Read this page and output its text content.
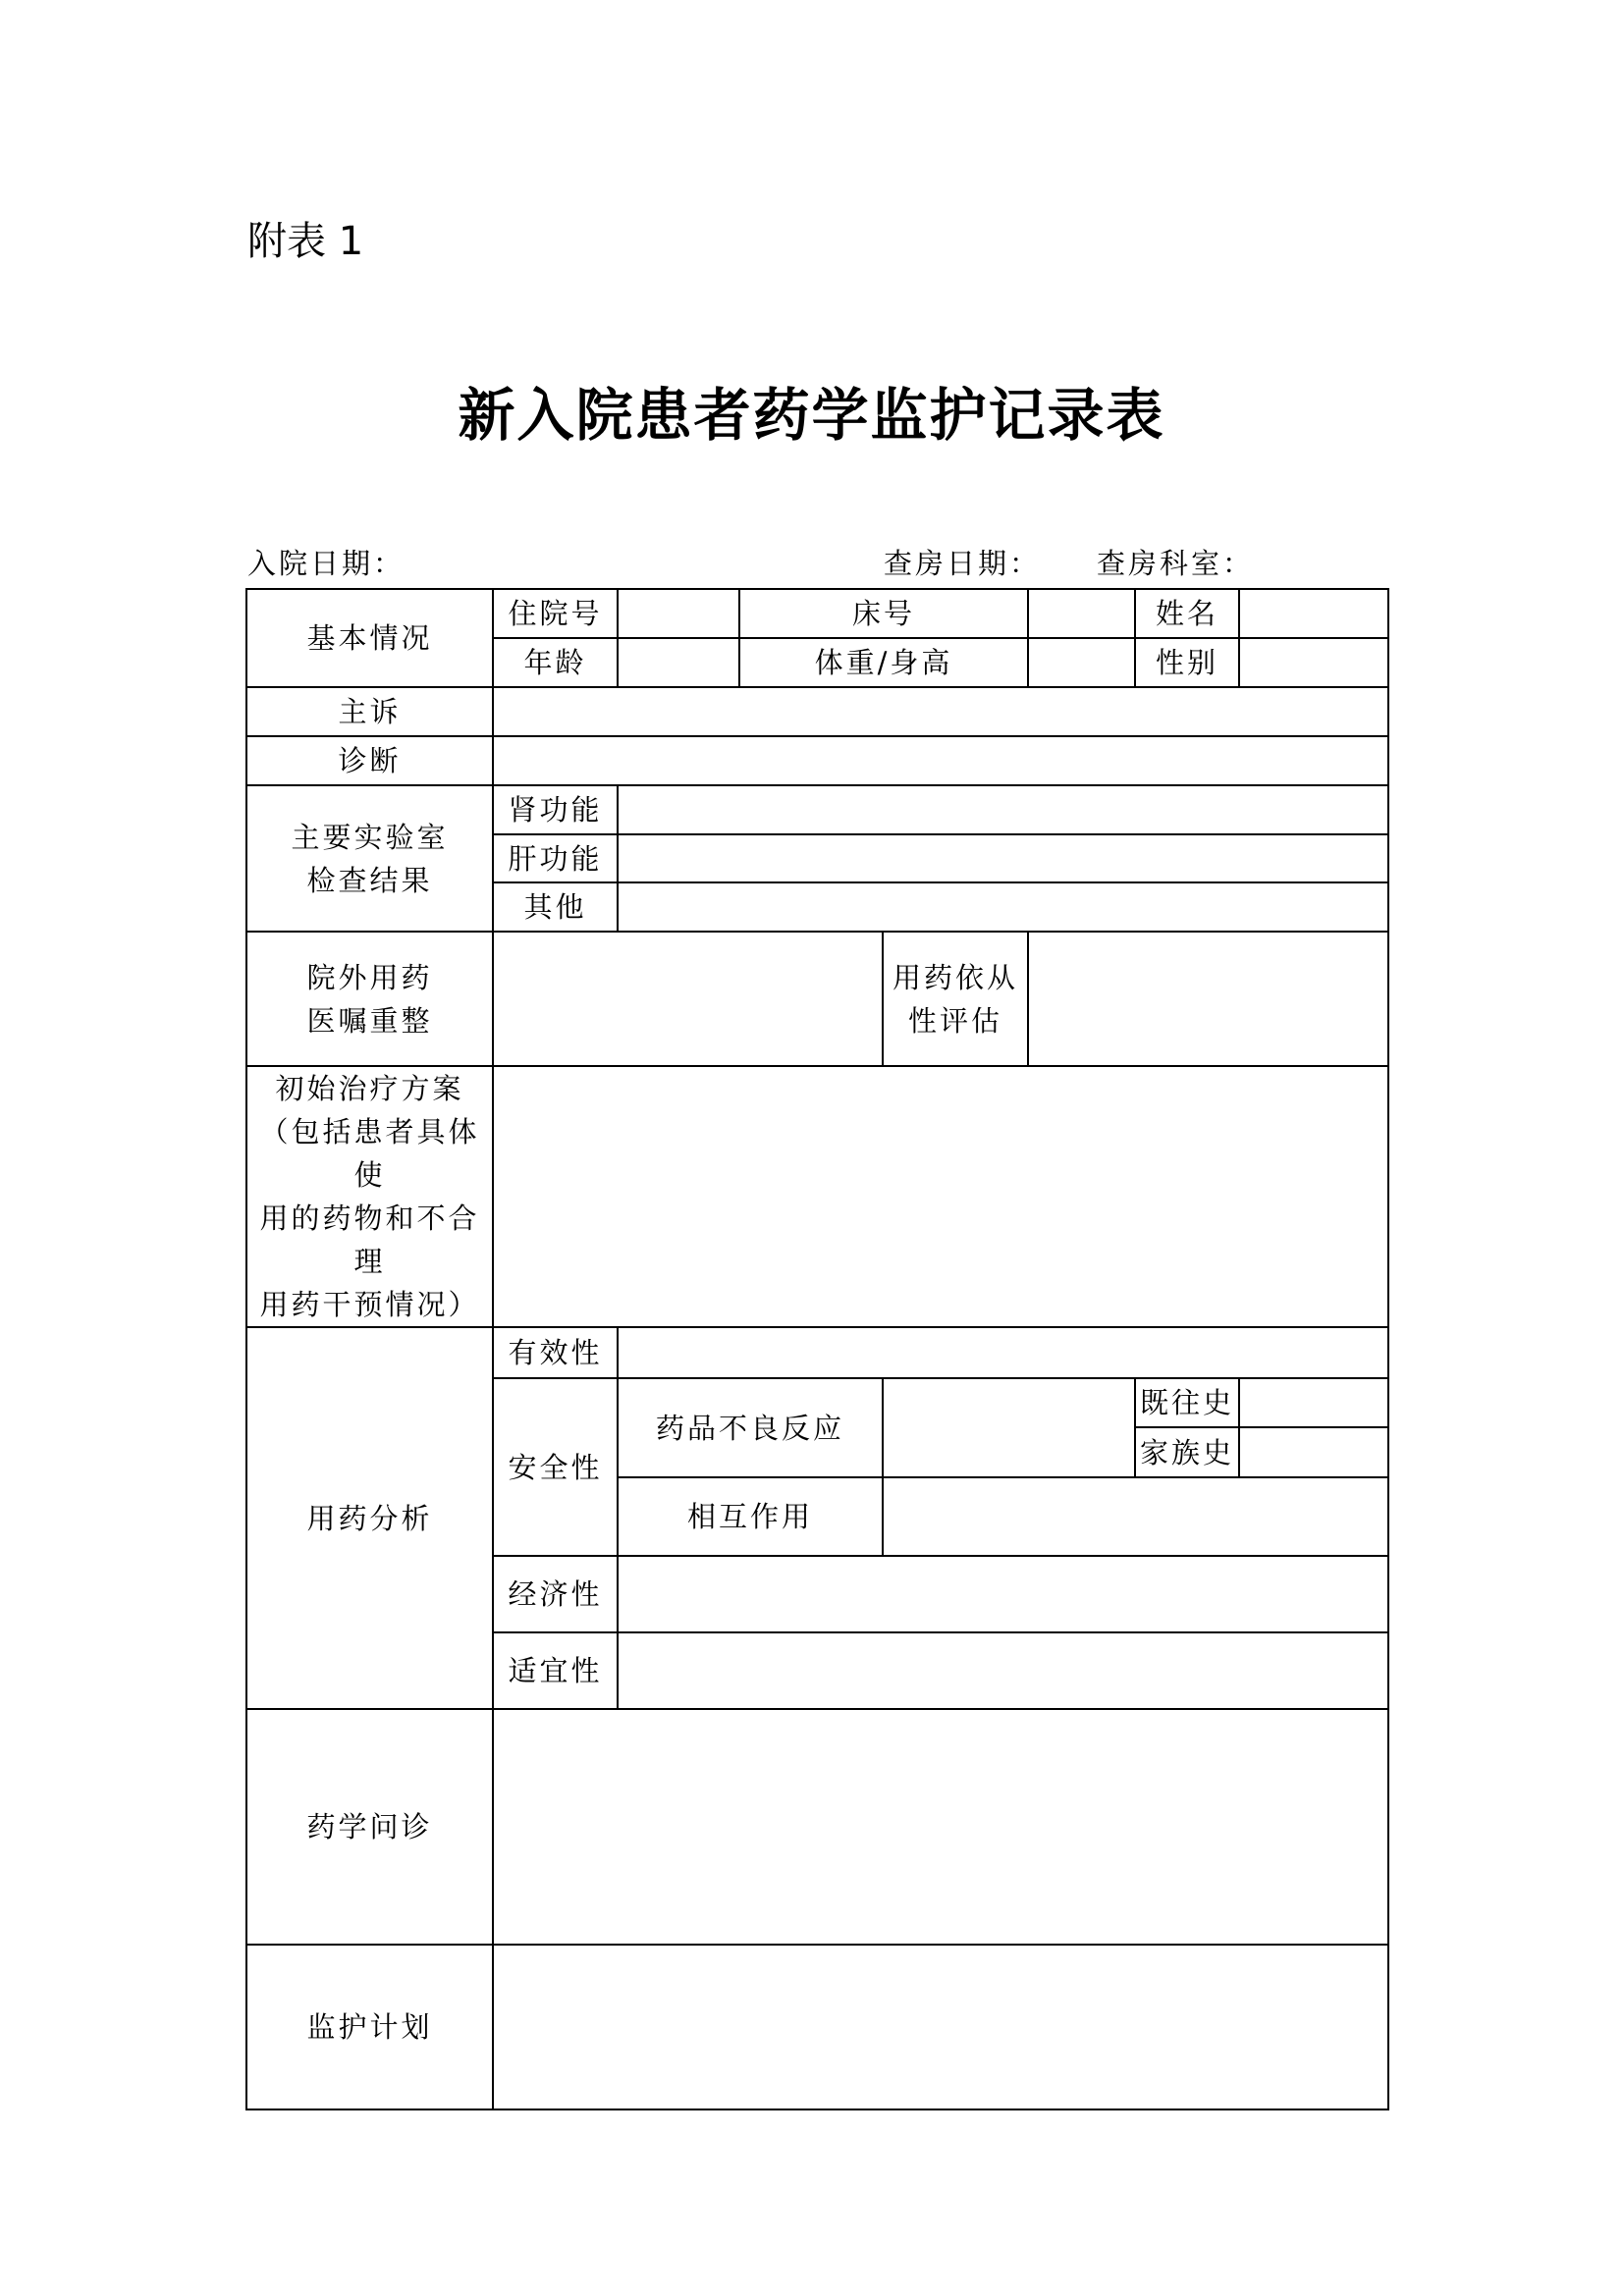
附表 1
新入院患者药学监护记录表
入院日期：	查房日期： 查房科室：
基本情况	住院号		床号			姓名	
	年龄		体重/身高			性别	
主诉							
诊断							

主要实验室
检查结果	肾功能						
	肝功能						
	其他						

院外用药
医嘱重整				用药依从
性评估			

初始治疗方案
（包括患者具体使
用的药物和不合理
用药干预情况）							

用药分析	有效性						
	安全性	药品不良反应				既往史	
						家族史	
		相互作用					
	经济性						
	适宜性						
药学问诊							
监护计划							
